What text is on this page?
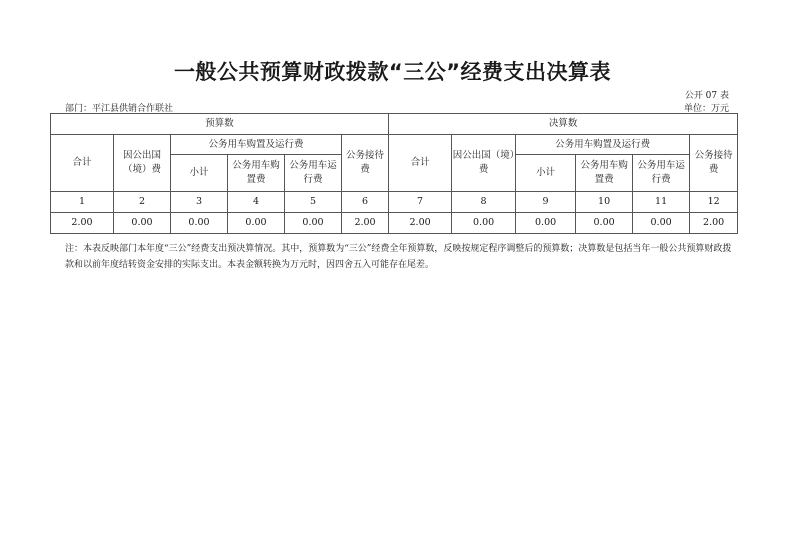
一般公共预算财政拨款“三公”经费支出决算表
公开 07 表
部门：平江县供销合作联社	单位：万元
预算数						决算数					
合计	因公出国（境）费	公务用车购置及运行费			公务接待费	合计	因公出国（境）费	公务用车购置及运行费			公务接待费
		小计	公务用车购置费	公务用车运行费				小计	公务用车购置费	公务用车运行费	
1	2	3	4	5	6	7	8	9	10	11	12
2.00	0.00	0.00	0.00	0.00	2.00	2.00	0.00	0.00	0.00	0.00	2.00
注：本表反映部门本年度“三公”经费支出预决算情况。其中，预算数为“三公”经费全年预算数，反映按规定程序调整后的预算数；决算数是包括当年一般公共预算财政拨款和以前年度结转资金安排的实际支出。本表金额转换为万元时，因四舍五入可能存在尾差。
